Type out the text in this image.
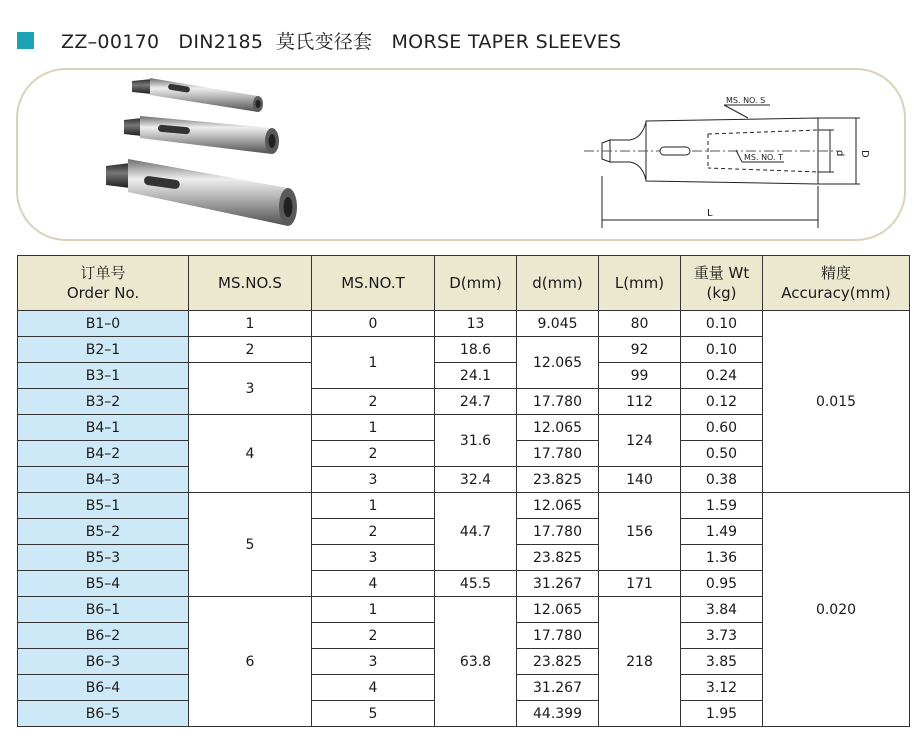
ZZ–00170   DIN2185  莫氏变径套   MORSE TAPER SLEEVES
MS. NO. S
MS. NO. T	d D
L
订单号
Order No.	MS.NO.S	MS.NO.T	D(mm)	d(mm)	L(mm)	重量 Wt
(kg)	精度
Accuracy(mm)
B1–0	1	0	13	9.045	80	0.10	0.015
B2–1	2	1	18.6	12.065	92	0.10	
B3–1	3		24.1		99	0.24	
B3–2		2	24.7	17.780	112	0.12	
B4–1	4	1	31.6	12.065	124	0.60	
B4–2		2		17.780		0.50	
B4–3		3	32.4	23.825	140	0.38	
B5–1	5	1	44.7	12.065	156	1.59	0.020
B5–2		2		17.780		1.49	
B5–3		3		23.825		1.36	
B5–4		4	45.5	31.267	171	0.95	
B6–1	6	1	63.8	12.065	218	3.84	
B6–2		2		17.780		3.73	
B6–3		3		23.825		3.85	
B6–4		4		31.267		3.12	
B6–5		5		44.399		1.95	
